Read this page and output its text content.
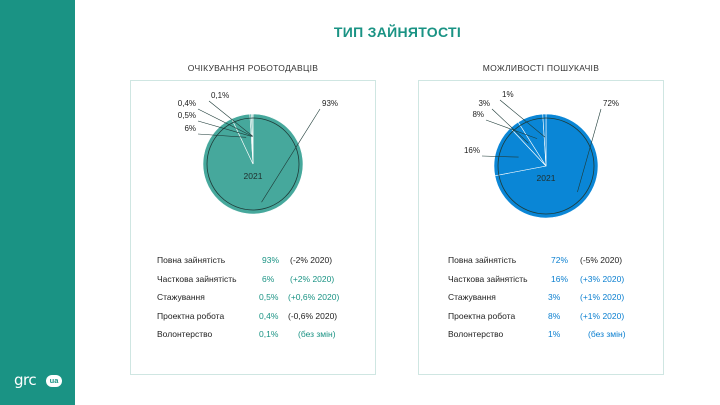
grc	ua
ТИП ЗАЙНЯТОСТІ
ОЧІКУВАННЯ РОБОТОДАВЦІВ	МОЖЛИВОСТІ ПОШУКАЧІВ
2021
93%
6%
0,5%
0,4%
0,1%
2021
72%
16%
3%
8%
1%
Повна зайнятість	93% (-2% 2020)
Часткова зайнятість	6% (+2% 2020)
Стажування	0,5% (+0,6% 2020)
Проектна робота	0,4% (-0,6% 2020)
Волонтерство	0,1% (без змін)
Повна зайнятість	72% (-5% 2020)
Часткова зайнятість	16% (+3% 2020)
Стажування	3% (+1% 2020)
Проектна робота	8% (+1% 2020)
Волонтерство	1%	(без змін)
